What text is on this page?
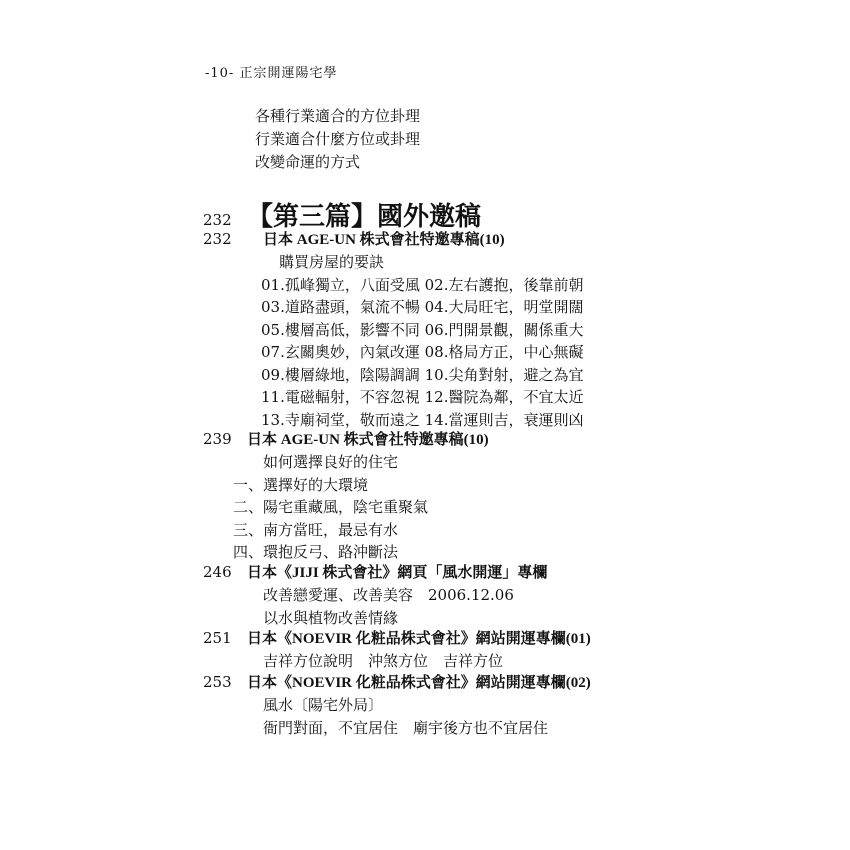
-10- 正宗開運陽宅學
各種行業適合的方位卦理
行業適合什麼方位或卦理
改變命運的方式
232 【第三篇】國外邀稿
232 日本 AGE-UN 株式會社特邀專稿(10)
購買房屋的要訣
01.孤峰獨立，八面受風 02.左右護抱，後靠前朝
03.道路盡頭，氣流不暢 04.大局旺宅，明堂開闊
05.樓層高低，影響不同 06.門開景觀，關係重大
07.玄關奧妙，內氣改運 08.格局方正，中心無礙
09.樓層綠地，陰陽調調 10.尖角對射，避之為宜
11.電磁輻射，不容忽視 12.醫院為鄰，不宜太近
13.寺廟祠堂，敬而遠之 14.當運則吉，衰運則凶
239 日本 AGE-UN 株式會社特邀專稿(10)
如何選擇良好的住宅
一、選擇好的大環境
二、陽宅重藏風，陰宅重聚氣
三、南方當旺，最忌有水
四、環抱反弓、路沖斷法
246 日本《JIJI 株式會社》網頁「風水開運」專欄
改善戀愛運、改善美容　2006.12.06
以水與植物改善情緣
251 日本《NOEVIR 化粧品株式會社》網站開運專欄(01)
吉祥方位說明　沖煞方位　吉祥方位
253 日本《NOEVIR 化粧品株式會社》網站開運專欄(02)
風水〔陽宅外局〕
衙門對面，不宜居住　廟宇後方也不宜居住
